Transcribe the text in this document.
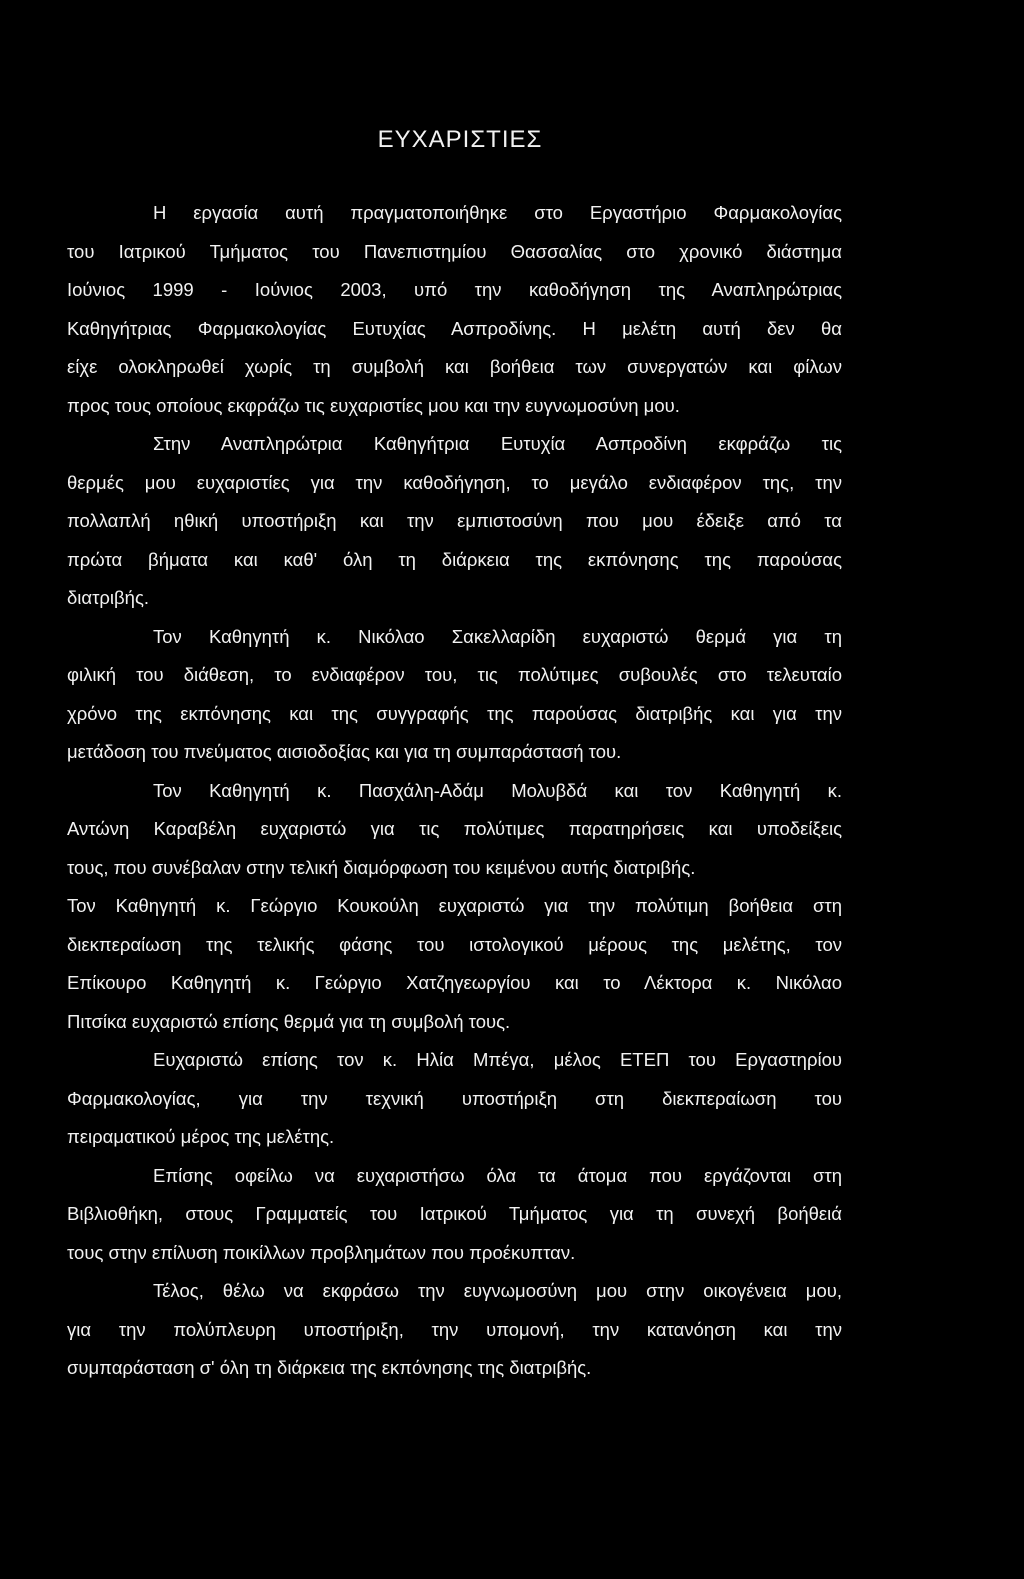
ΕΥΧΑΡΙΣΤΙΕΣ
Η εργασία αυτή πραγματοποιήθηκε στο Εργαστήριο Φαρμακολογίας
του Ιατρικού Τμήματος του Πανεπιστημίου Θασσαλίας στο χρονικό διάστημα
Ιούνιος 1999 - Ιούνιος 2003, υπό την καθοδήγηση της Αναπληρώτριας
Καθηγήτριας Φαρμακολογίας Ευτυχίας Ασπροδίνης. Η μελέτη αυτή δεν θα
είχε ολοκληρωθεί χωρίς τη συμβολή και βοήθεια των συνεργατών και φίλων
προς τους οποίους εκφράζω τις ευχαριστίες μου και την ευγνωμοσύνη μου.
Στην Αναπληρώτρια Καθηγήτρια Ευτυχία Ασπροδίνη εκφράζω τις
θερμές μου ευχαριστίες για την καθοδήγηση, το μεγάλο ενδιαφέρον της, την
πολλαπλή ηθική υποστήριξη και την εμπιστοσύνη που μου έδειξε από τα
πρώτα βήματα και καθ' όλη τη διάρκεια της εκπόνησης της παρούσας
διατριβής.
Τον Καθηγητή κ. Νικόλαο Σακελλαρίδη ευχαριστώ θερμά για τη
φιλική του διάθεση, το ενδιαφέρον του, τις πολύτιμες συβουλές στο τελευταίο
χρόνο της εκπόνησης και της συγγραφής της παρούσας διατριβής και για την
μετάδοση του πνεύματος αισιοδοξίας και για τη συμπαράστασή του.
Τον Καθηγητή κ. Πασχάλη-Αδάμ Μολυβδά και τον Καθηγητή κ.
Αντώνη Καραβέλη ευχαριστώ για τις πολύτιμες παρατηρήσεις και υποδείξεις
τους, που συνέβαλαν στην τελική διαμόρφωση του κειμένου αυτής διατριβής.
Τον Καθηγητή κ. Γεώργιο Κουκούλη ευχαριστώ για την πολύτιμη βοήθεια στη
διεκπεραίωση της τελικής φάσης του ιστολογικού μέρους της μελέτης, τον
Επίκουρο Καθηγητή κ. Γεώργιο Χατζηγεωργίου και το Λέκτορα κ. Νικόλαο
Πιτσίκα ευχαριστώ επίσης θερμά για τη συμβολή τους.
Ευχαριστώ επίσης τον κ. Ηλία Μπέγα, μέλος ΕΤΕΠ του Εργαστηρίου
Φαρμακολογίας, για την τεχνική υποστήριξη στη διεκπεραίωση του
πειραματικού μέρος της μελέτης.
Επίσης οφείλω να ευχαριστήσω όλα τα άτομα που εργάζονται στη
Βιβλιοθήκη, στους Γραμματείς του Ιατρικού Τμήματος για τη συνεχή βοήθειά
τους στην επίλυση ποικίλλων προβλημάτων που προέκυπταν.
Τέλος, θέλω να εκφράσω την ευγνωμοσύνη μου στην οικογένεια μου,
για την πολύπλευρη υποστήριξη, την υπομονή, την κατανόηση και την
συμπαράσταση σ' όλη τη διάρκεια της εκπόνησης της διατριβής.
